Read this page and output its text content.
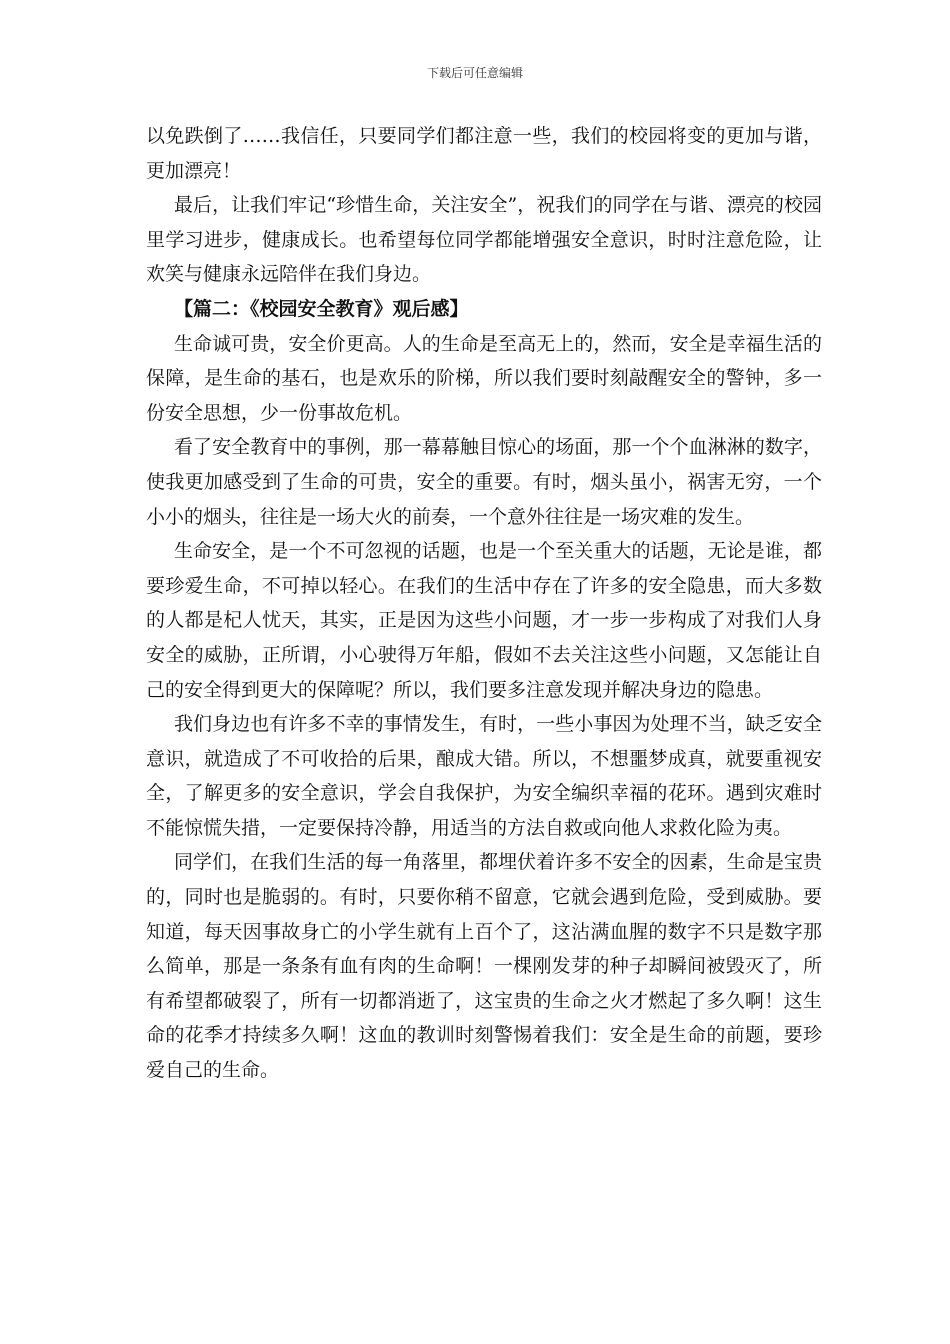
下载后可任意编辑

以免跌倒了……我信任，只要同学们都注意一些，我们的校园将变的更加与谐，更加漂亮！

最后，让我们牢记“珍惜生命，关注安全”，祝我们的同学在与谐、漂亮的校园里学习进步，健康成长。也希望每位同学都能增强安全意识，时时注意危险，让欢笑与健康永远陪伴在我们身边。

【篇二：《校园安全教育》观后感】

生命诚可贵，安全价更高。人的生命是至高无上的，然而，安全是幸福生活的保障，是生命的基石，也是欢乐的阶梯，所以我们要时刻敲醒安全的警钟，多一份安全思想，少一份事故危机。

看了安全教育中的事例，那一幕幕触目惊心的场面，那一个个血淋淋的数字，使我更加感受到了生命的可贵，安全的重要。有时，烟头虽小，祸害无穷，一个小小的烟头，往往是一场大火的前奏，一个意外往往是一场灾难的发生。

生命安全，是一个不可忽视的话题，也是一个至关重大的话题，无论是谁，都要珍爱生命，不可掉以轻心。在我们的生活中存在了许多的安全隐患，而大多数的人都是杞人忧天，其实，正是因为这些小问题，才一步一步构成了对我们人身安全的威胁，正所谓，小心驶得万年船，假如不去关注这些小问题，又怎能让自己的安全得到更大的保障呢？所以，我们要多注意发现并解决身边的隐患。

我们身边也有许多不幸的事情发生，有时，一些小事因为处理不当，缺乏安全意识，就造成了不可收拾的后果，酿成大错。所以，不想噩梦成真，就要重视安全，了解更多的安全意识，学会自我保护，为安全编织幸福的花环。遇到灾难时不能惊慌失措，一定要保持冷静，用适当的方法自救或向他人求救化险为夷。

同学们，在我们生活的每一角落里，都埋伏着许多不安全的因素，生命是宝贵的，同时也是脆弱的。有时，只要你稍不留意，它就会遇到危险，受到威胁。要知道，每天因事故身亡的小学生就有上百个了，这沾满血腥的数字不只是数字那么简单，那是一条条有血有肉的生命啊！一棵刚发芽的种子却瞬间被毁灭了，所有希望都破裂了，所有一切都消逝了，这宝贵的生命之火才燃起了多久啊！这生命的花季才持续多久啊！这血的教训时刻警惕着我们：安全是生命的前题，要珍爱自己的生命。
